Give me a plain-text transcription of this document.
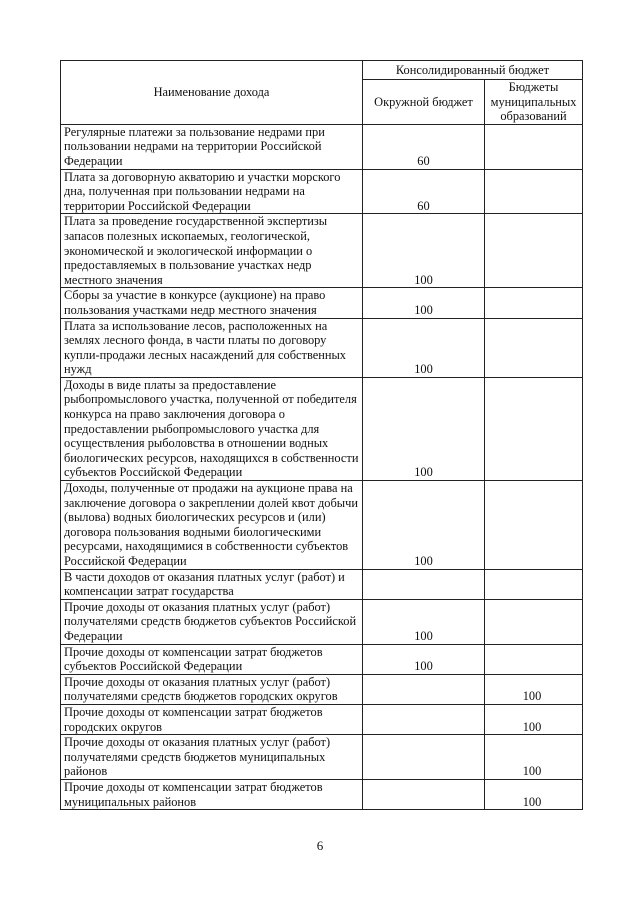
Наименование дохода	Консолидированный бюджет	
	Окружной бюджет	Бюджеты муниципальных образований
Регулярные платежи за пользование недрами при пользовании недрами на территории Российской Федерации	60	
Плата за договорную акваторию и участки морского дна, полученная при пользовании недрами на территории Российской Федерации	60	
Плата за проведение государственной экспертизы запасов полезных ископаемых, геологической, экономической и экологической информации о предоставляемых в пользование участках недр местного значения	100	
Сборы за участие в конкурсе (аукционе) на право пользования участками недр местного значения	100	
Плата за использование лесов, расположенных на землях лесного фонда, в части платы по договору купли-продажи лесных насаждений для собственных нужд	100	
Доходы в виде платы за предоставление рыбопромыслового участка, полученной от победителя конкурса на право заключения договора о предоставлении рыбопромыслового участка для осуществления рыболовства в отношении водных биологических ресурсов, находящихся в собственности субъектов Российской Федерации	100	
Доходы, полученные от продажи на аукционе права на заключение договора о закреплении долей квот добычи (вылова) водных биологических ресурсов и (или) договора пользования водными биологическими ресурсами, находящимися в собственности субъектов Российской Федерации	100	
В части доходов от оказания платных услуг (работ) и компенсации затрат государства		
Прочие доходы от оказания платных услуг (работ) получателями средств бюджетов субъектов Российской Федерации	100	
Прочие доходы от компенсации затрат бюджетов субъектов Российской Федерации	100	
Прочие доходы от оказания платных услуг (работ) получателями средств бюджетов городских округов		100
Прочие доходы от компенсации затрат бюджетов городских округов		100
Прочие доходы от оказания платных услуг (работ) получателями средств бюджетов муниципальных районов		100
Прочие доходы от компенсации затрат бюджетов муниципальных районов		100
6
